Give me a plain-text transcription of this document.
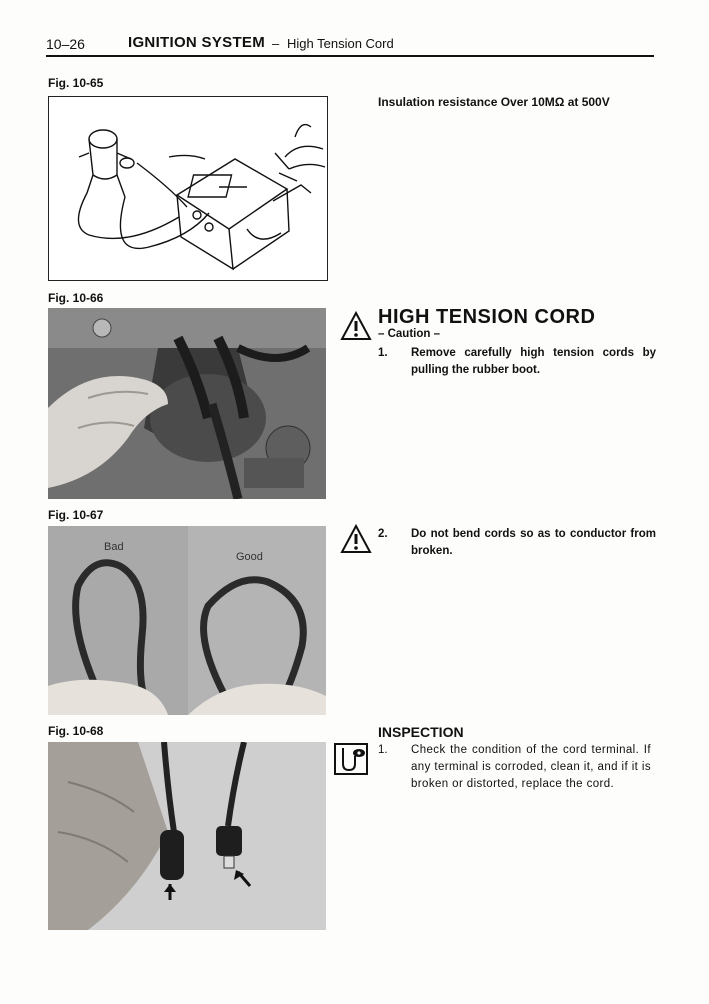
10–26	IGNITION SYSTEM – High Tension Cord
Fig. 10-65
Insulation resistance Over 10MΩ at 500V
Fig. 10-66
HIGH TENSION CORD
– Caution –
1. Remove carefully high tension cords by pulling the rubber boot.
Fig. 10-67
Bad
Good
2. Do not bend cords so as to conductor from broken.
Fig. 10-68	INSPECTION
1. Check the condition of the cord terminal. If any terminal is corroded, clean it, and if it is broken or distorted, replace the cord.
